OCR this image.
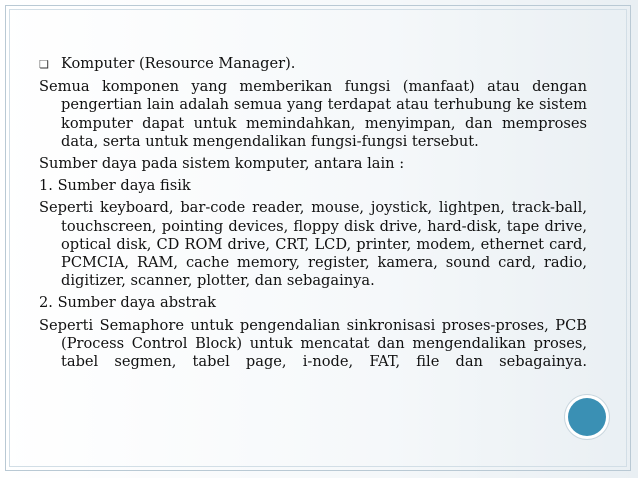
❏ Komputer (Resource Manager).

Semua komponen yang memberikan fungsi (manfaat) atau dengan pengertian lain adalah semua yang terdapat atau terhubung ke sistem komputer dapat untuk memindahkan, menyimpan, dan memproses data, serta untuk mengendalikan fungsi-fungsi tersebut.

Sumber daya pada sistem komputer, antara lain :

1. Sumber daya fisik

Seperti keyboard, bar-code reader, mouse, joystick, lightpen, track-ball, touchscreen, pointing devices, floppy disk drive, hard-disk, tape drive, optical disk, CD ROM drive, CRT, LCD, printer, modem, ethernet card, PCMCIA, RAM, cache memory, register, kamera, sound card, radio, digitizer, scanner, plotter, dan sebagainya.

2. Sumber daya abstrak

Seperti Semaphore untuk pengendalian sinkronisasi proses-proses, PCB (Process Control Block) untuk mencatat dan mengendalikan proses, tabel segmen, tabel page, i-node, FAT, file dan sebagainya.
